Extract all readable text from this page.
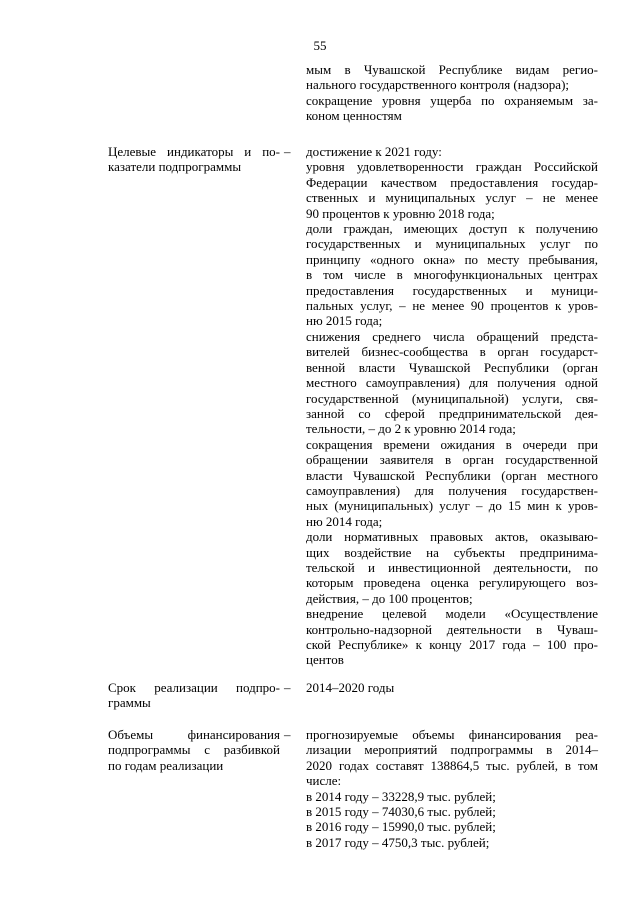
55
мым в Чувашской Республике видам регио-
нального государственного контроля (надзора);
сокращение уровня ущерба по охраняемым за-
коном ценностям
Целевые индикаторы и по-
казатели подпрограммы
– достижение к 2021 году:
уровня удовлетворенности граждан Российской
Федерации качеством предоставления государ-
ственных и муниципальных услуг – не менее
90 процентов к уровню 2018 года;
доли граждан, имеющих доступ к получению
государственных и муниципальных услуг по
принципу «одного окна» по месту пребывания,
в том числе в многофункциональных центрах
предоставления государственных и муници-
пальных услуг, – не менее 90 процентов к уров-
ню 2015 года;
снижения среднего числа обращений предста-
вителей бизнес-сообщества в орган государст-
венной власти Чувашской Республики (орган
местного самоуправления) для получения одной
государственной (муниципальной) услуги, свя-
занной со сферой предпринимательской дея-
тельности, – до 2 к уровню 2014 года;
сокращения времени ожидания в очереди при
обращении заявителя в орган государственной
власти Чувашской Республики (орган местного
самоуправления) для получения государствен-
ных (муниципальных) услуг – до 15 мин к уров-
ню 2014 года;
доли нормативных правовых актов, оказываю-
щих воздействие на субъекты предпринима-
тельской и инвестиционной деятельности, по
которым проведена оценка регулирующего воз-
действия, – до 100 процентов;
внедрение целевой модели «Осуществление
контрольно-надзорной деятельности в Чуваш-
ской Республике» к концу 2017 года – 100 про-
центов
Срок реализации подпро-
граммы
– 2014–2020 годы
Объемы финансирования
подпрограммы с разбивкой
по годам реализации
– прогнозируемые объемы финансирования реа-
лизации мероприятий подпрограммы в 2014–
2020 годах составят 138864,5 тыс. рублей, в том
числе:
в 2014 году – 33228,9 тыс. рублей;
в 2015 году – 74030,6 тыс. рублей;
в 2016 году – 15990,0 тыс. рублей;
в 2017 году – 4750,3 тыс. рублей;
